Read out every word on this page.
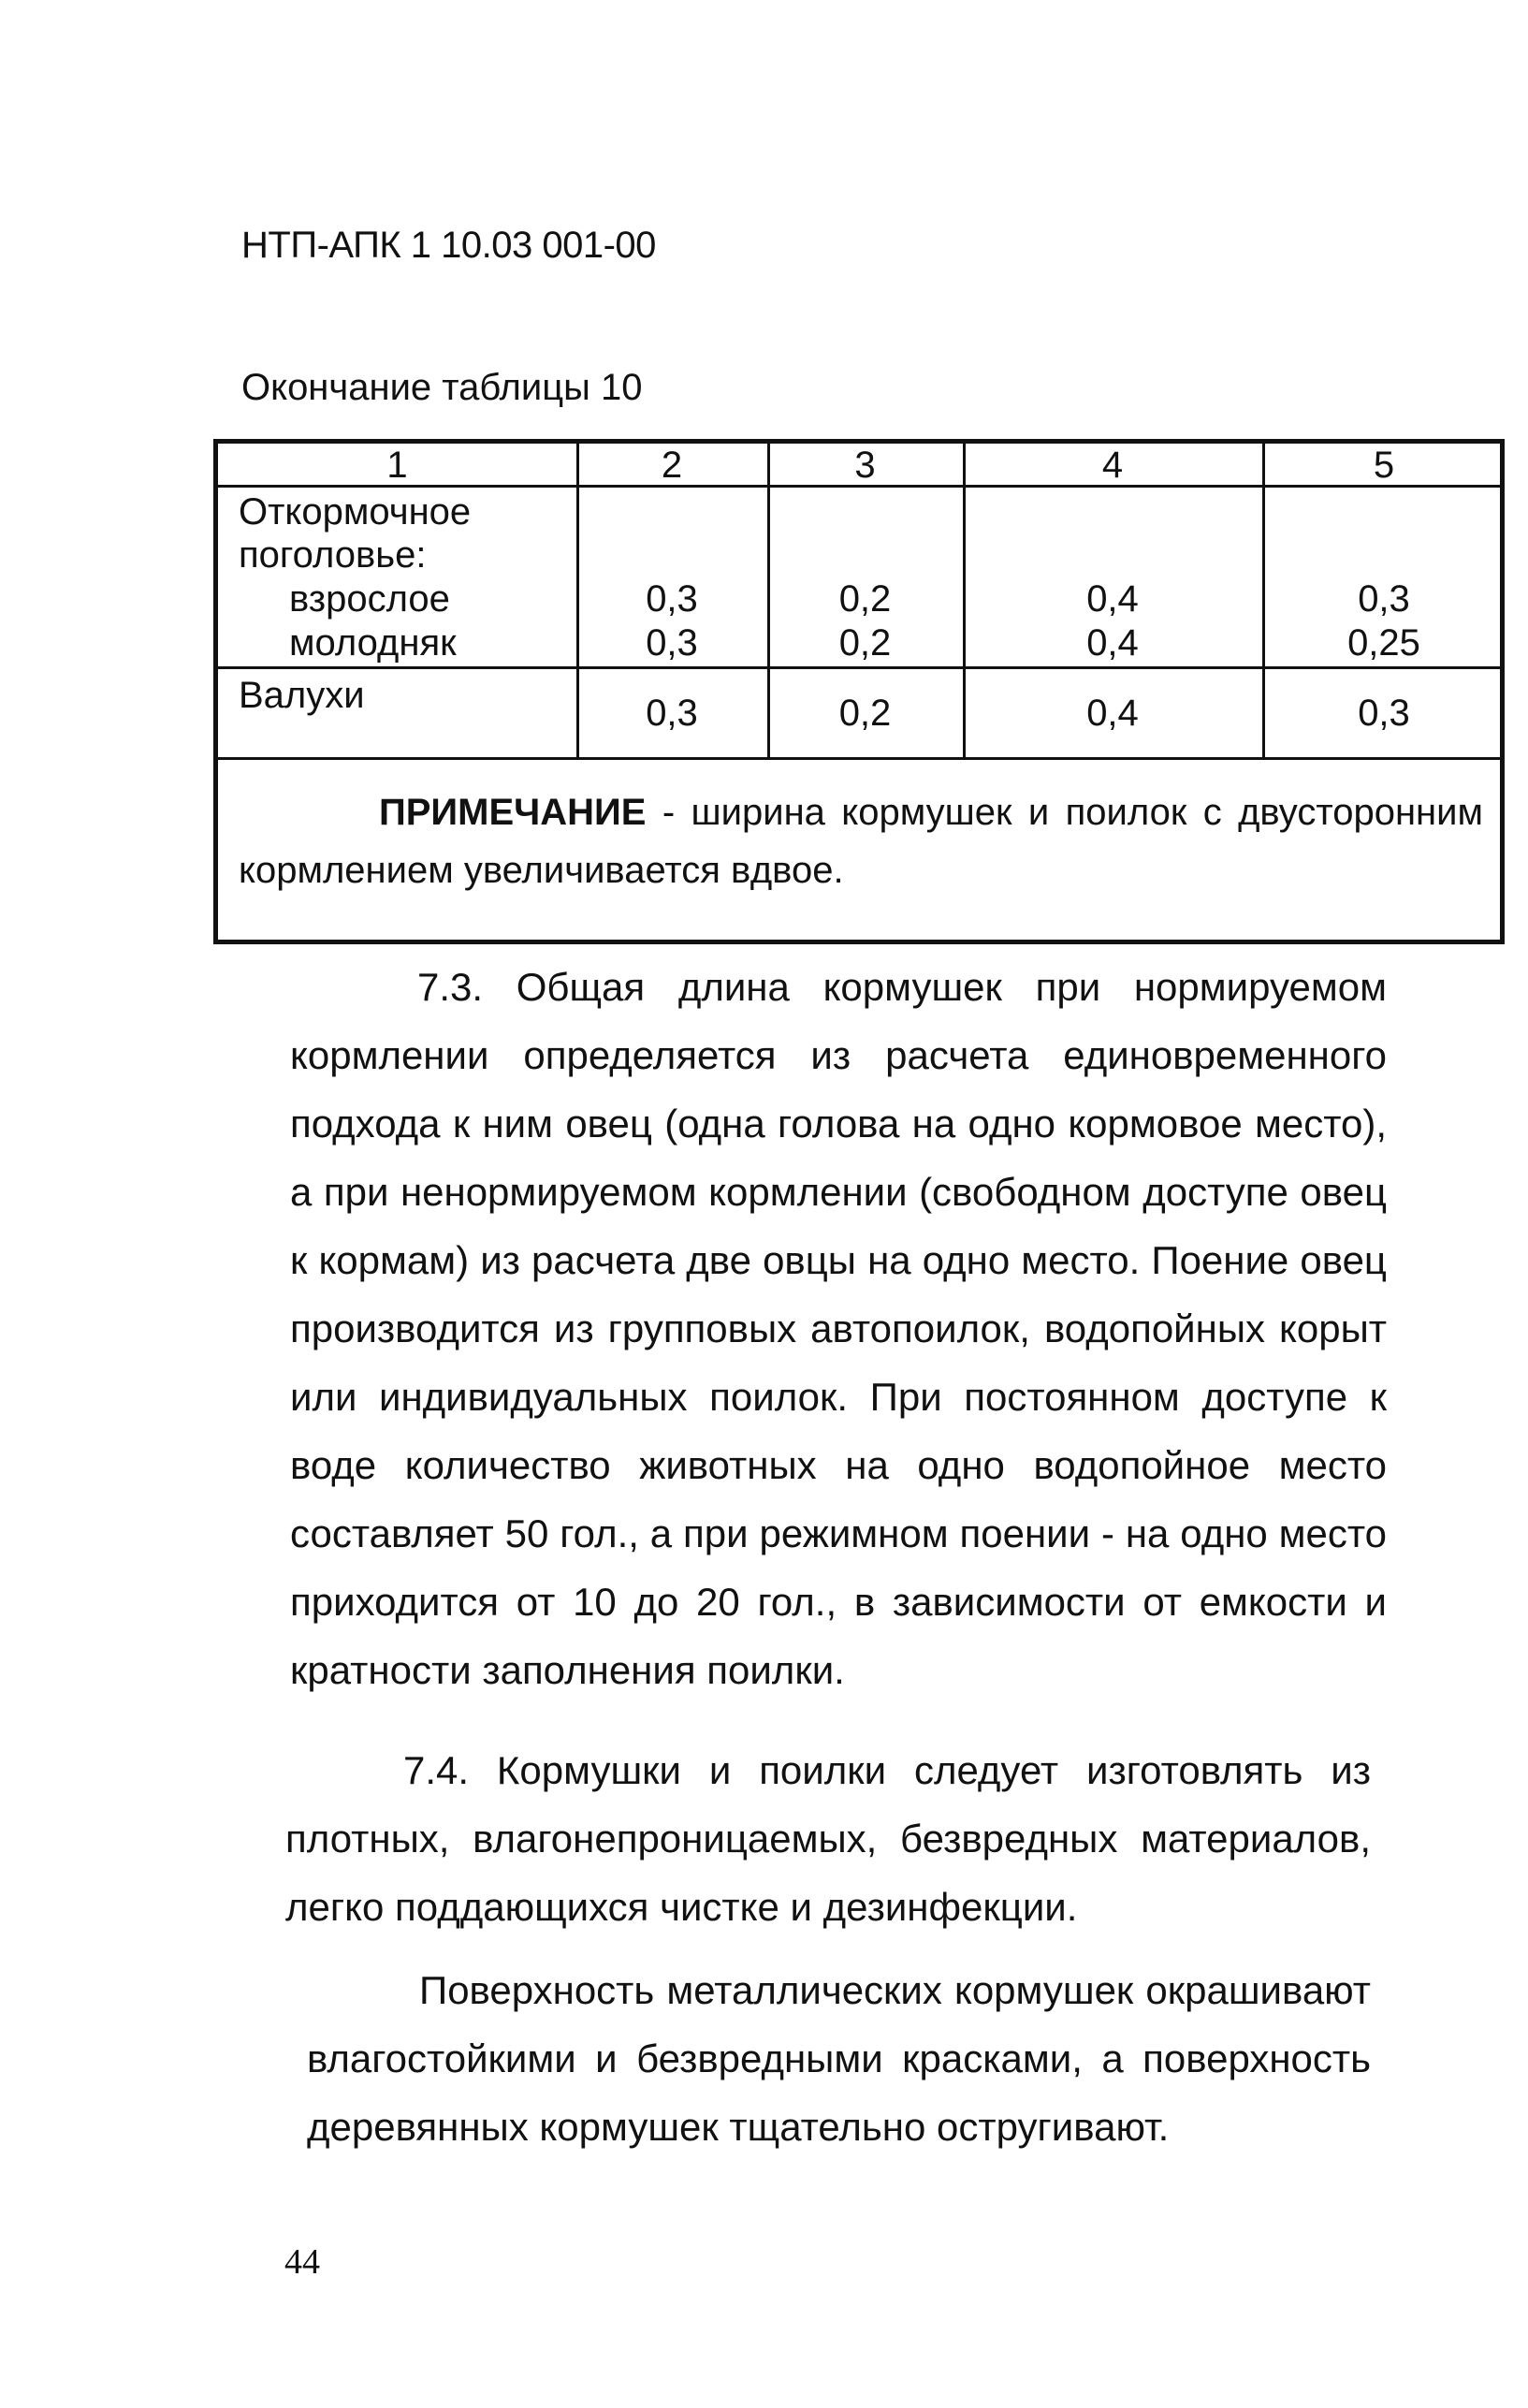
НТП-АПК 1 10.03 001-00
Окончание таблицы 10
1	2	3	4	5
Откормочное
поголовье:
взрослое	0,3	0,2	0,4	0,3
молодняк	0,3	0,2	0,4	0,25
Валухи	0,3	0,2	0,4	0,3
ПРИМЕЧАНИЕ - ширина кормушек и поилок с двусторонним кормлением увеличивается вдвое.
7.3. Общая длина кормушек при нормируемом кормлении определяется из расчета единовременного подхода к ним овец (одна голова на одно кормовое место), а при ненормируемом кормлении (свободном доступе овец к кормам) из расчета две овцы на одно место. Поение овец производится из групповых автопоилок, водопойных корыт или индивидуальных поилок. При постоянном доступе к воде количество животных на одно водопойное место составляет 50 гол., а при режимном поении - на одно место приходится от 10 до 20 гол., в зависимости от емкости и кратности заполнения поилки.
7.4. Кормушки и поилки следует изготовлять из плотных, влагонепроницаемых, безвредных материалов, легко поддающихся чистке и дезинфекции.
Поверхность металлических кормушек окрашивают влагостойкими и безвредными красками, а поверхность деревянных кормушек тщательно остругивают.
44
